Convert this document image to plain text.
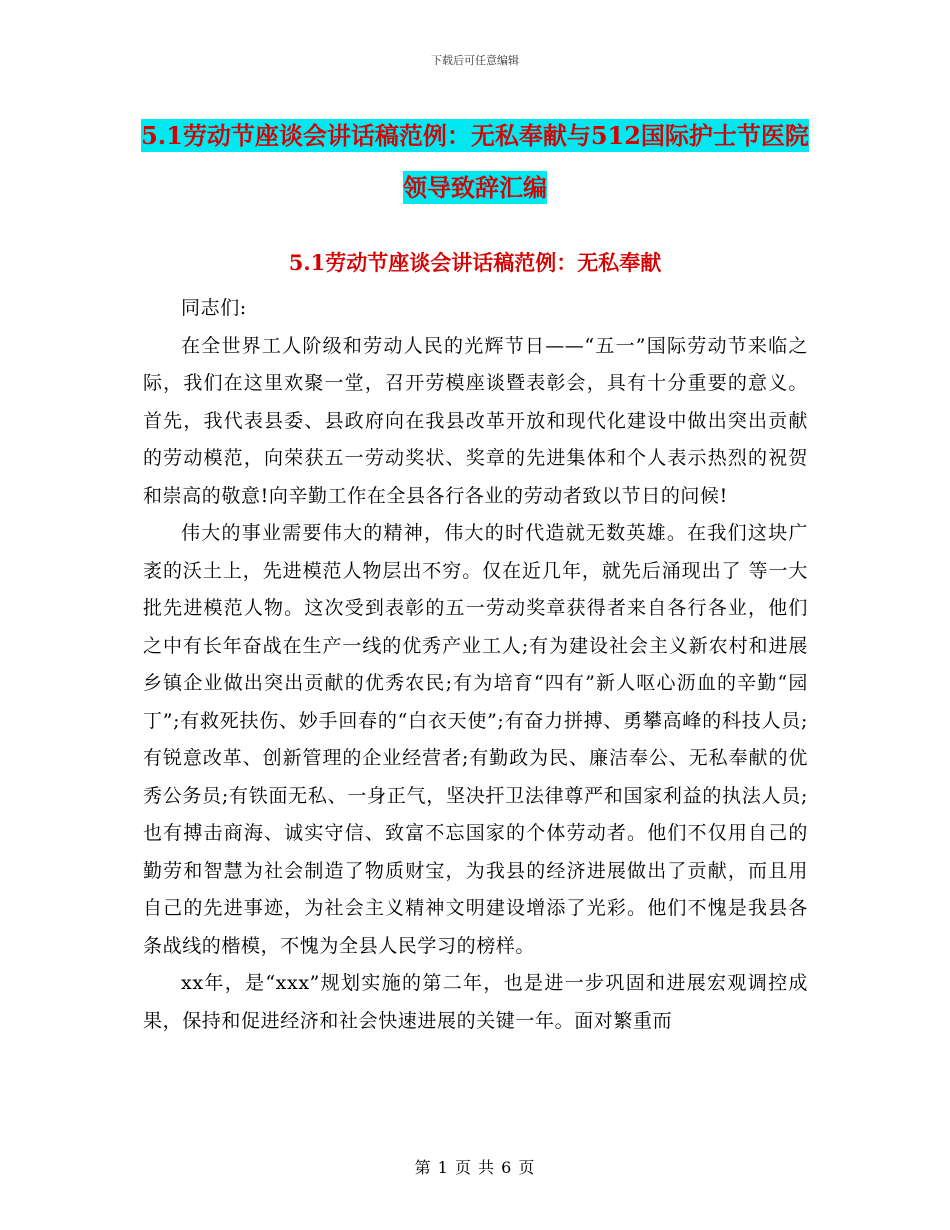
下载后可任意编辑
5.1劳动节座谈会讲话稿范例：无私奉献与512国际护士节医院领导致辞汇编
5.1劳动节座谈会讲话稿范例：无私奉献

同志们:

在全世界工人阶级和劳动人民的光辉节日——“五一”国际劳动节来临之际，我们在这里欢聚一堂，召开劳模座谈暨表彰会，具有十分重要的意义。首先，我代表县委、县政府向在我县改革开放和现代化建设中做出突出贡献的劳动模范，向荣获五一劳动奖状、奖章的先进集体和个人表示热烈的祝贺和崇高的敬意!向辛勤工作在全县各行各业的劳动者致以节日的问候!

伟大的事业需要伟大的精神，伟大的时代造就无数英雄。在我们这块广袤的沃土上，先进模范人物层出不穷。仅在近几年，就先后涌现出了 等一大批先进模范人物。这次受到表彰的五一劳动奖章获得者来自各行各业，他们之中有长年奋战在生产一线的优秀产业工人;有为建设社会主义新农村和进展乡镇企业做出突出贡献的优秀农民;有为培育“四有”新人呕心沥血的辛勤“园丁”;有救死扶伤、妙手回春的“白衣天使”;有奋力拼搏、勇攀高峰的科技人员;有锐意改革、创新管理的企业经营者;有勤政为民、廉洁奉公、无私奉献的优秀公务员;有铁面无私、一身正气，坚决扞卫法律尊严和国家利益的执法人员;也有搏击商海、诚实守信、致富不忘国家的个体劳动者。他们不仅用自己的勤劳和智慧为社会制造了物质财宝，为我县的经济进展做出了贡献，而且用自己的先进事迹，为社会主义精神文明建设增添了光彩。他们不愧是我县各条战线的楷模，不愧为全县人民学习的榜样。

xx年，是“xxx”规划实施的第二年，也是进一步巩固和进展宏观调控成果，保持和促进经济和社会快速进展的关键一年。面对繁重而

第 1 页 共 6 页
